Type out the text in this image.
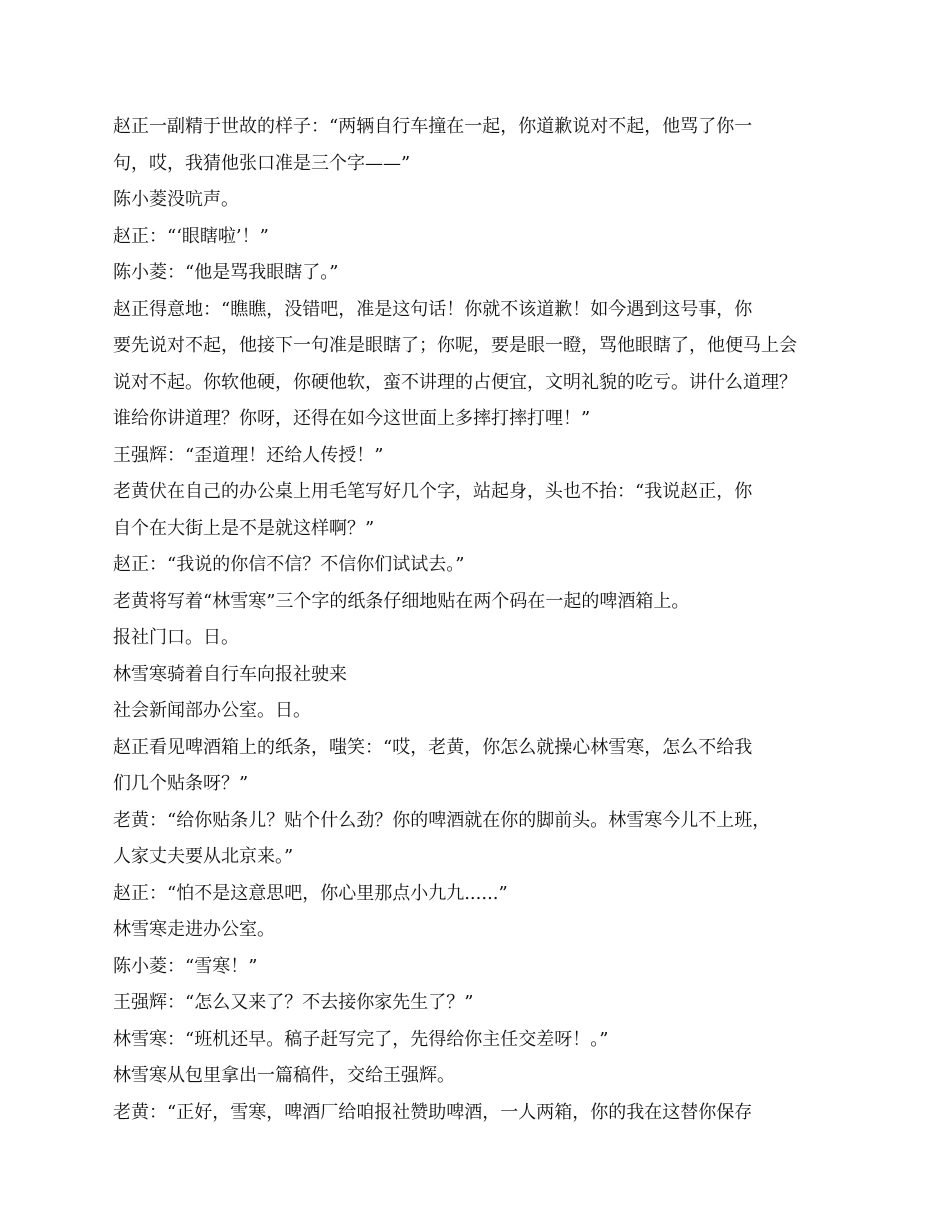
赵正一副精于世故的样子：“两辆自行车撞在一起，你道歉说对不起，他骂了你一
句，哎，我猜他张口准是三个字——”
陈小菱没吭声。
赵正：“‘眼瞎啦’！”
陈小菱：“他是骂我眼瞎了。”
赵正得意地：“瞧瞧，没错吧，准是这句话！你就不该道歉！如今遇到这号事，你
要先说对不起，他接下一句准是眼瞎了；你呢，要是眼一瞪，骂他眼瞎了，他便马上会
说对不起。你软他硬，你硬他软，蛮不讲理的占便宜，文明礼貌的吃亏。讲什么道理？
谁给你讲道理？你呀，还得在如今这世面上多摔打摔打哩！”
王强辉：“歪道理！还给人传授！”
老黄伏在自己的办公桌上用毛笔写好几个字，站起身，头也不抬：“我说赵正，你
自个在大街上是不是就这样啊？”
赵正：“我说的你信不信？不信你们试试去。”
老黄将写着“林雪寒”三个字的纸条仔细地贴在两个码在一起的啤酒箱上。
报社门口。日。
林雪寒骑着自行车向报社驶来
社会新闻部办公室。日。
赵正看见啤酒箱上的纸条，嗤笑：“哎，老黄，你怎么就操心林雪寒，怎么不给我
们几个贴条呀？”
老黄：“给你贴条儿？贴个什么劲？你的啤酒就在你的脚前头。林雪寒今儿不上班，
人家丈夫要从北京来。”
赵正：“怕不是这意思吧，你心里那点小九九......”
林雪寒走进办公室。
陈小菱：“雪寒！”
王强辉：“怎么又来了？不去接你家先生了？”
林雪寒：“班机还早。稿子赶写完了，先得给你主任交差呀！。”
林雪寒从包里拿出一篇稿件，交给王强辉。
老黄：“正好，雪寒，啤酒厂给咱报社赞助啤酒，一人两箱，你的我在这替你保存
